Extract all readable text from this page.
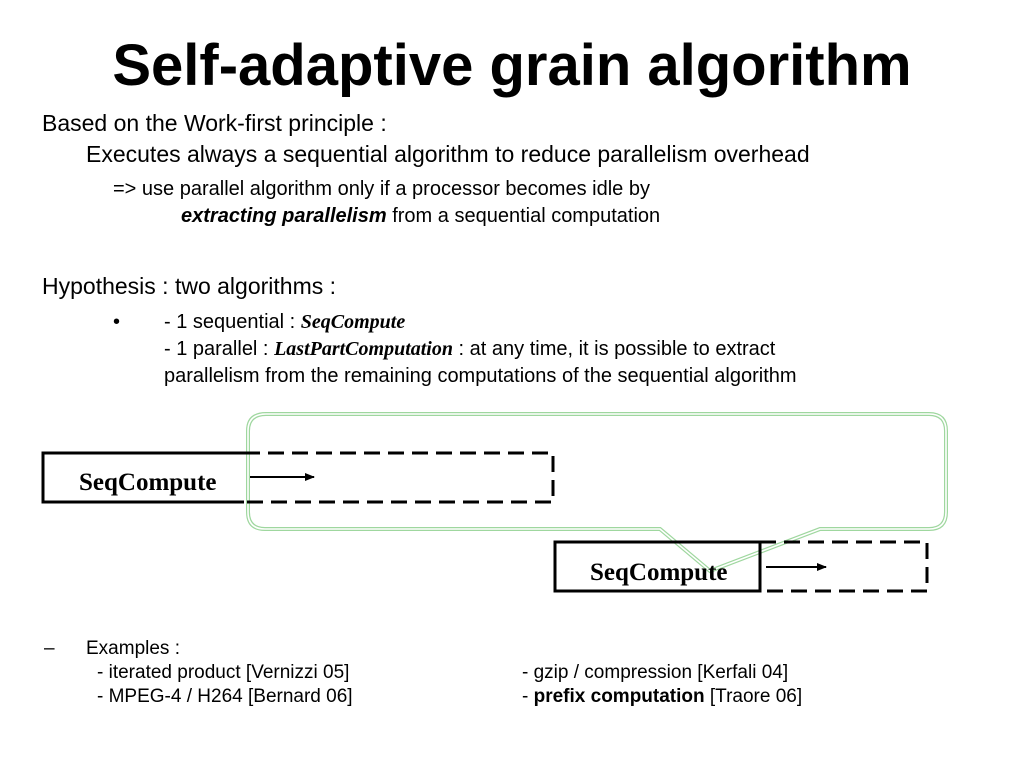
Self-adaptive grain algorithm
Based on the Work-first principle :
Executes always a sequential algorithm to reduce parallelism overhead
=> use parallel algorithm only if a processor becomes idle by
extracting parallelism from a sequential computation
Hypothesis : two algorithms :
• - 1 sequential : SeqCompute
- 1 parallel : LastPartComputation : at any time, it is possible to extract
parallelism from the remaining computations of the sequential algorithm
SeqCompute
SeqCompute
– Examples :
- iterated product [Vernizzi 05]
- MPEG-4 / H264 [Bernard 06]
- gzip / compression [Kerfali 04]
- prefix computation [Traore 06]
